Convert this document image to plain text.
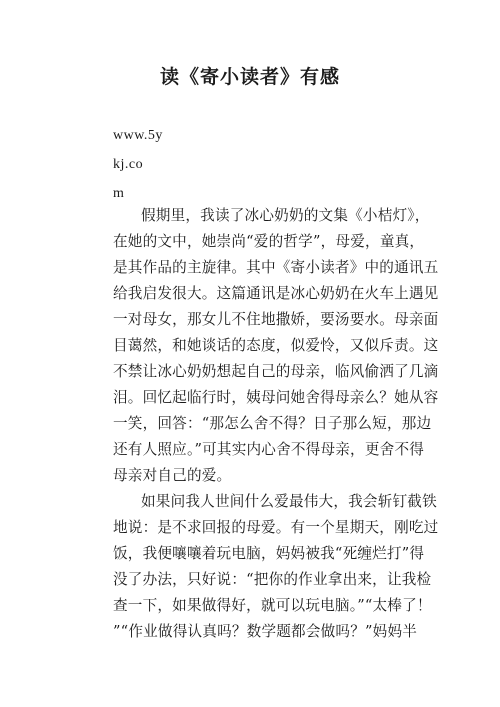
读《寄小读者》有感
www.5y
kj.co
m
假期里，我读了冰心奶奶的文集《小桔灯》，
在她的文中，她崇尚“爱的哲学”，母爱，童真，
是其作品的主旋律。其中《寄小读者》中的通讯五
给我启发很大。这篇通讯是冰心奶奶在火车上遇见
一对母女，那女儿不住地撒娇，要汤要水。母亲面
目蔼然，和她谈话的态度，似爱怜，又似斥责。这
不禁让冰心奶奶想起自己的母亲，临风偷洒了几滴
泪。回忆起临行时，姨母问她舍得母亲么？她从容
一笑，回答：“那怎么舍不得？日子那么短，那边
还有人照应。”可其实内心舍不得母亲，更舍不得
母亲对自己的爱。
如果问我人世间什么爱最伟大，我会斩钉截铁
地说：是不求回报的母爱。有一个星期天，刚吃过
饭，我便嚷嚷着玩电脑，妈妈被我“死缠烂打”得
没了办法，只好说：“把你的作业拿出来，让我检
查一下，如果做得好，就可以玩电脑。”“太棒了！
”“作业做得认真吗？数学题都会做吗？”妈妈半
